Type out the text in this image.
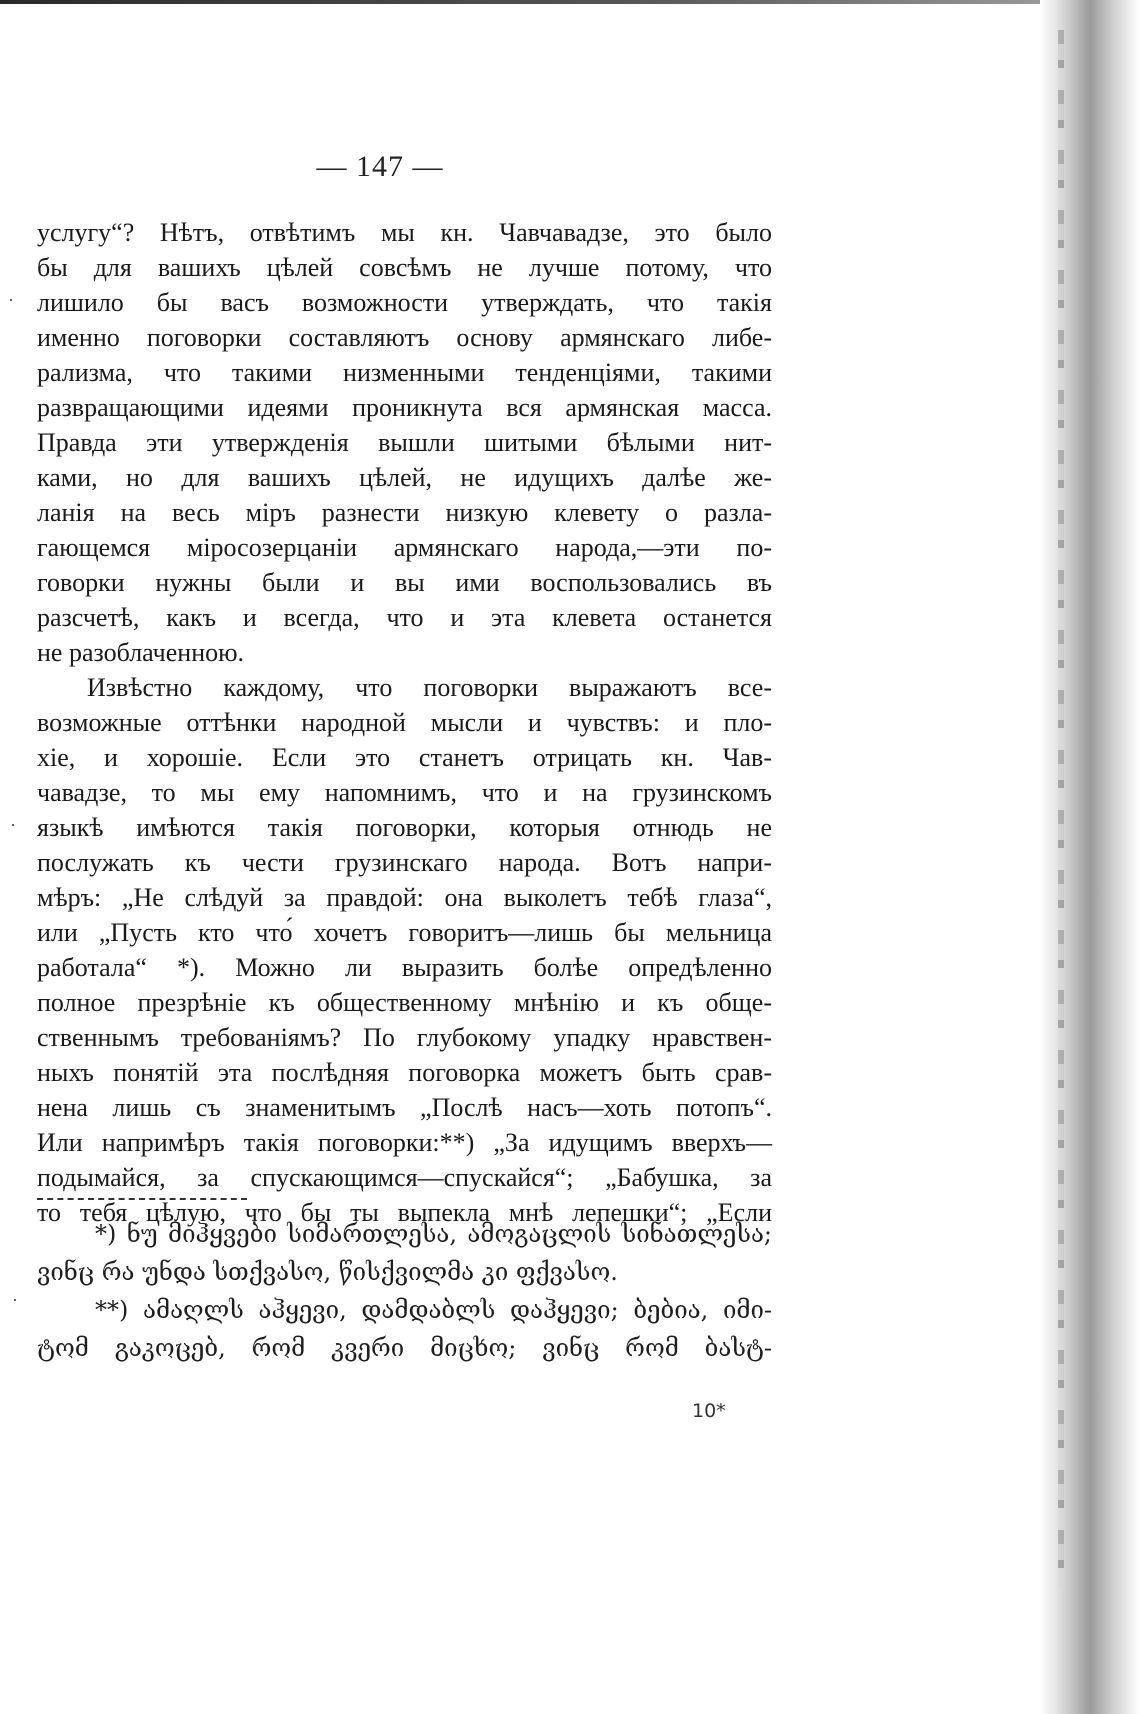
— 147 —
услугу“? Нѣтъ, отвѣтимъ мы кн. Чавчавадзе, это было
бы для вашихъ цѣлей совсѣмъ не лучше потому, что
лишило бы васъ возможности утверждать, что такія
именно поговорки составляютъ основу армянскаго либе-
рализма, что такими низменными тенденціями, такими
развращающими идеями проникнута вся армянская масса.
Правда эти утвержденія вышли шитыми бѣлыми нит-
ками, но для вашихъ цѣлей, не идущихъ далѣе же-
ланія на весь міръ разнести низкую клевету о разла-
гающемся міросозерцаніи армянскаго народа,—эти по-
говорки нужны были и вы ими воспользовались въ
разсчетѣ, какъ и всегда, что и эта клевета останется
не разоблаченною.
Извѣстно каждому, что поговорки выражаютъ все-
возможные оттѣнки народной мысли и чувствъ: и пло-
хіе, и хорошіе. Если это станетъ отрицать кн. Чав-
чавадзе, то мы ему напомнимъ, что и на грузинскомъ
языкѣ имѣются такія поговорки, которыя отнюдь не
послужать къ чести грузинскаго народа. Вотъ напри-
мѣръ: „Не слѣдуй за правдой: она выколетъ тебѣ глаза“,
или „Пусть кто что́ хочетъ говоритъ—лишь бы мельница
работала“ *). Можно ли выразить болѣе опредѣленно
полное презрѣніе къ общественному мнѣнію и къ обще-
ственнымъ требованіямъ? По глубокому упадку нравствен-
ныхъ понятій эта послѣдняя поговорка можетъ быть срав-
нена лишь съ знаменитымъ „Послѣ насъ—хоть потопъ“.
Или напримѣръ такія поговорки:**) „За идущимъ вверхъ—
подымайся, за спускающимся—спускайся“; „Бабушка, за
то тебя цѣлую, что бы ты выпекла мнѣ лепешки“; „Если
*) ნუ მიჰყვები სიმართლესა, ამოგაცლის სინათლესა;
ვინც რა უნდა სთქვასო, წისქვილმა კი ფქვასო.
**) ამაღლს აჰყევი, დამდაბლს დაჰყევი; ბებია, იმი-
ტომ გაკოცებ, რომ კვერი მიცხო; ვინც რომ ბასტ-
10*
·
·
·
